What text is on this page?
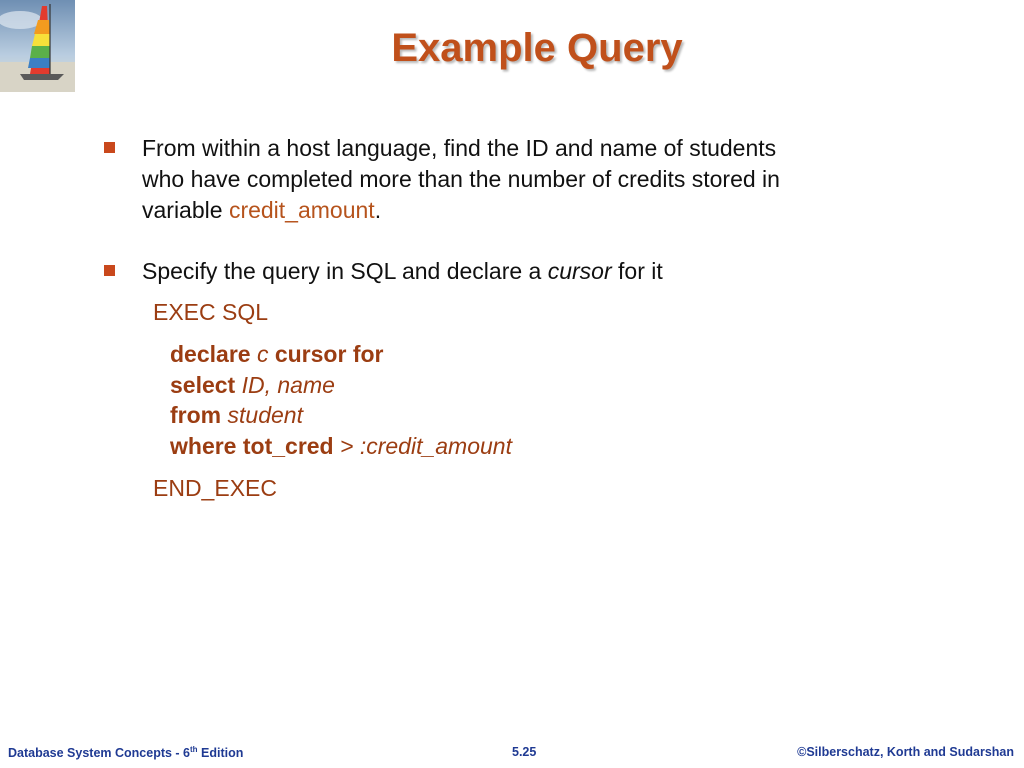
Example Query
From within a host language, find the ID and name of students
who have completed more than the number of credits stored in
variable credit_amount.
Specify the query in SQL and declare a cursor for it
EXEC SQL
declare c cursor for
select ID, name
from student
where tot_cred > :credit_amount
END_EXEC
Database System Concepts - 6th Edition	5.25	©Silberschatz, Korth and Sudarshan
